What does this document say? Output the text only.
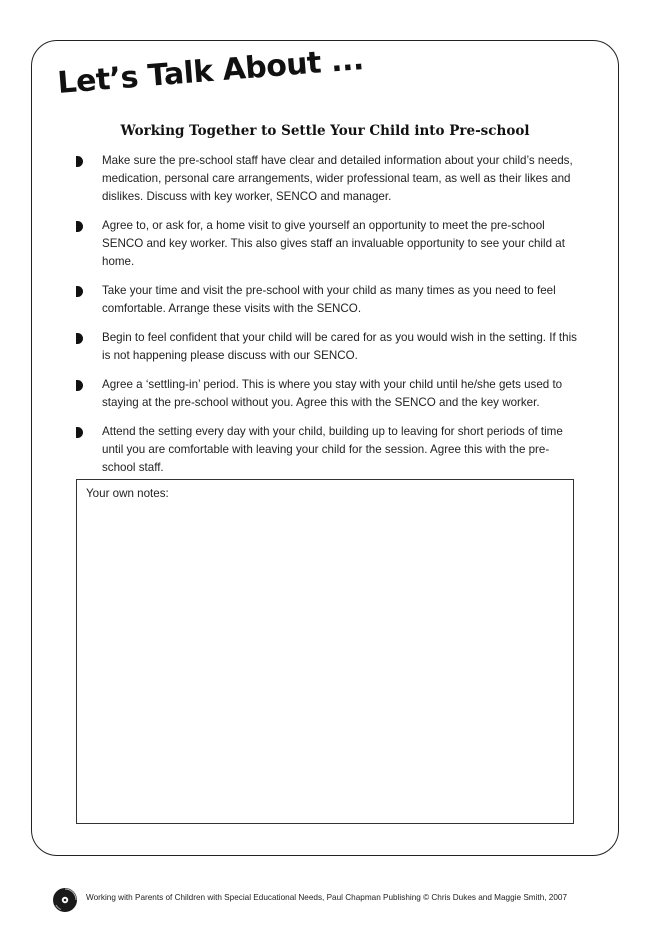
Let’s Talk About ...
Working Together to Settle Your Child into Pre-school
Make sure the pre-school staff have clear and detailed information about your child’s needs, medication, personal care arrangements, wider professional team, as well as their likes and dislikes. Discuss with key worker, SENCO and manager.
Agree to, or ask for, a home visit to give yourself an opportunity to meet the pre-school SENCO and key worker. This also gives staff an invaluable opportunity to see your child at home.
Take your time and visit the pre-school with your child as many times as you need to feel comfortable. Arrange these visits with the SENCO.
Begin to feel confident that your child will be cared for as you would wish in the setting. If this is not happening please discuss with our SENCO.
Agree a ‘settling-in’ period. This is where you stay with your child until he/she gets used to staying at the pre-school without you. Agree this with the SENCO and the key worker.
Attend the setting every day with your child, building up to leaving for short periods of time until you are comfortable with leaving your child for the session. Agree this with the pre-school staff.
Your own notes:
Working with Parents of Children with Special Educational Needs, Paul Chapman Publishing © Chris Dukes and Maggie Smith, 2007
